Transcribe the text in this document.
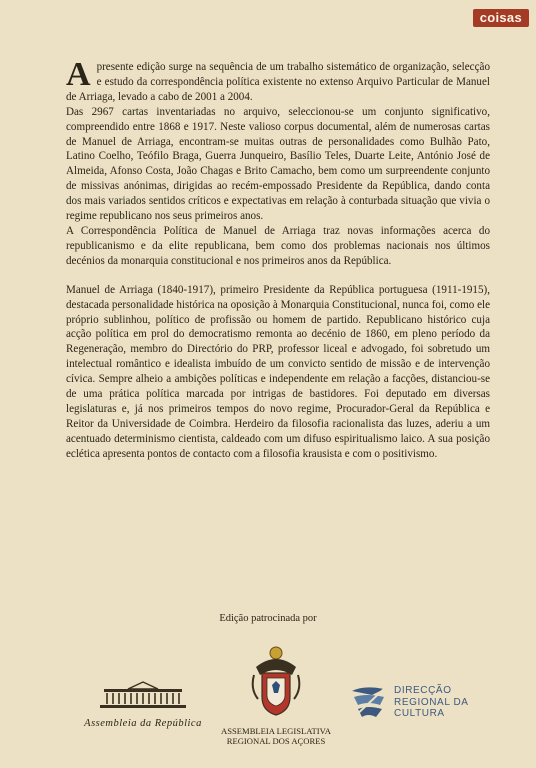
coisas

Apresente edição surge na sequência de um trabalho sistemático de organização, selecção e estudo da correspondência política existente no extenso Arquivo Particular de Manuel de Arriaga, levado a cabo de 2001 a 2004.

Das 2967 cartas inventariadas no arquivo, seleccionou-se um conjunto significativo, compreendido entre 1868 e 1917. Neste valioso corpus documental, além de numerosas cartas de Manuel de Arriaga, encontram-se muitas outras de personalidades como Bulhão Pato, Latino Coelho, Teófilo Braga, Guerra Junqueiro, Basílio Teles, Duarte Leite, António José de Almeida, Afonso Costa, João Chagas e Brito Camacho, bem como um surpreendente conjunto de missivas anónimas, dirigidas ao recém-empossado Presidente da República, dando conta dos mais variados sentidos críticos e expectativas em relação à conturbada situação que vivia o regime republicano nos seus primeiros anos.

A Correspondência Política de Manuel de Arriaga traz novas informações acerca do republicanismo e da elite republicana, bem como dos problemas nacionais nos últimos decénios da monarquia constitucional e nos primeiros anos da República.

Manuel de Arriaga (1840-1917), primeiro Presidente da República portuguesa (1911-1915), destacada personalidade histórica na oposição à Monarquia Constitucional, nunca foi, como ele próprio sublinhou, político de profissão ou homem de partido. Republicano histórico cuja acção política em prol do democratismo remonta ao decénio de 1860, em pleno período da Regeneração, membro do Directório do PRP, professor liceal e advogado, foi sobretudo um intelectual romântico e idealista imbuído de um convicto sentido de missão e de intervenção cívica. Sempre alheio a ambições políticas e independente em relação a facções, distanciou-se de uma prática política marcada por intrigas de bastidores. Foi deputado em diversas legislaturas e, já nos primeiros tempos do novo regime, Procurador-Geral da República e Reitor da Universidade de Coimbra. Herdeiro da filosofia racionalista das luzes, aderiu a um acentuado determinismo cientista, caldeado com um difuso espiritualismo laico. A sua posição eclética apresenta pontos de contacto com a filosofia krausista e com o positivismo.

Edição patrocinada por
Assembleia da República
ASSEMBLEIA LEGISLATIVA
REGIONAL DOS AÇORES
DIRECÇÃO
REGIONAL DA
CULTURA
